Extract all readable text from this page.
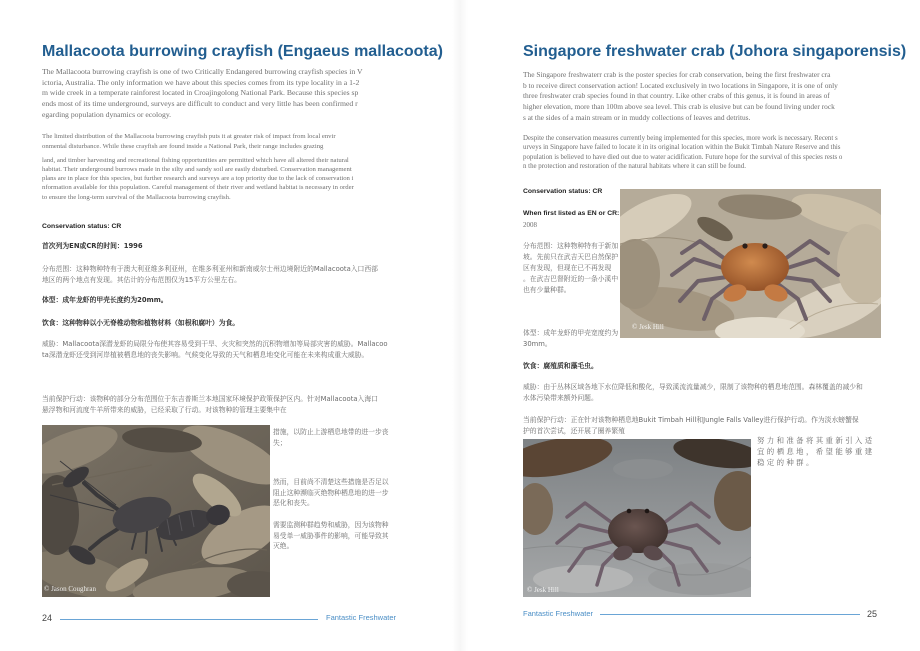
Mallacoota burrowing crayfish (Engaeus mallacoota)
The Mallacoota burrowing crayfish is one of two Critically Endangered burrowing crayfish species in V
ictoria, Australia. The only information we have about this species comes from its type locality in a 1-2
m wide creek in a temperate rainforest located in Croajingolong National Park. Because this species sp
ends most of its time underground, surveys are difficult to conduct and very little has been confirmed r
egarding population dynamics or ecology.
The limited distribution of the Mallacoota burrowing crayfish puts it at greater risk of impact from local envir
onmental disturbance. While these crayfish are found inside a National Park, their range includes grazing
land, and timber harvesting and recreational fishing opportunities are permitted which have all altered their natural
habitat. Their underground burrows made in the silty and sandy soil are easily disturbed. Conservation management
plans are in place for this species, but further research and surveys are a top priority due to the lack of conservation i
nformation available for this population. Careful management of their river and wetland habitat is necessary in order
to ensure the long-term survival of the Mallacoota burrowing crayfish.
Conservation status: CR
首次列为EN或CR的时间：1996
分布范围：这种物种特有于澳大利亚维多利亚州，在维多利亚州和新南威尔士州边境附近的Mallacoota入口西部
地区的两个地点有发现。其估计的分布范围仅为15平方公里左右。
体型：成年龙虾的甲壳长度约为20mm。
饮食：这种物种以小无脊椎动物和植物材料（如根和腐叶）为食。
威胁：Mallacoota深潜龙虾的局限分布使其容易受到干旱、火灾和突然的沉积物增加等局部灾害的威胁。Mallacoo
ta深潜龙虾还受到河岸植被栖息地的丧失影响。气候变化导致的天气和栖息地变化可能在未来构成重大威胁。
当前保护行动：该物种的部分分布范围位于东吉普斯兰本地国家环境保护政策保护区内。针对Mallacoota入海口
悬浮物和河流度牛羊所带来的威胁，已经采取了行动。对该物种的管理主要集中在
© Jason Coughran
措施，以防止上游栖息地带的进一步丧
失；
然而，目前尚不清楚这些措施是否足以
阻止这种濒临灭绝物种栖息地的进一步
恶化和丧失。
需要监测种群趋势和威胁，因为该物种
易受单一威胁事件的影响，可能导致其
灭绝。
24	Fantastic Freshwater
Singapore freshwater crab (Johora singaporensis)
The Singapore freshwaterr crab is the poster species for crab conservation, being the first freshwater cra
b to receive direct conservation action! Located exclusively in two locations in Singapore, it is one of only
three freshwater crab species found in that country. Like other crabs of this genus, it is found in areas of
higher elevation, more than 100m above sea level. This crab is elusive but can be found living under rock
s at the sides of a main stream or in muddy collections of leaves and detritus.
Despite the conservation measures currently being implemented for this species, more work is necessary. Recent s
urveys in Singapore have failed to locate it in its original location within the Bukit Timbah Nature Reserve and this
population is believed to have died out due to water acidification. Future hope for the survival of this species rests o
n the protection and restoration of the natural habitats where it can still be found.
Conservation status: CR
When first listed as EN or CR:
2008
分布范围：这种物种特有于新加
坡。先前只在武吉天巴自然保护
区有发现，但现在已不再发现
。在武吉巴督附近的一条小溪中
也有少量种群。
© Jesk Hill
体型：成年龙虾的甲壳宽度约为
30mm。
饮食：腐殖质和藻毛虫。
威胁：由于丛林区域各地下水位降低和酸化，导致溪流流量减少，限制了该物种的栖息地范围。森林覆盖的减少和
水体污染带来额外问题。
当前保护行动：正在针对该物种栖息地Bukit Timbah Hill和Jungle Falls Valley进行保护行动。作为淡水螃蟹保
护的首次尝试，还开展了圈养繁殖
© Jesk Hill
努力和准备将其重新引入适
宜的栖息地，希望能够重建
稳定的种群。
Fantastic Freshwater	25
